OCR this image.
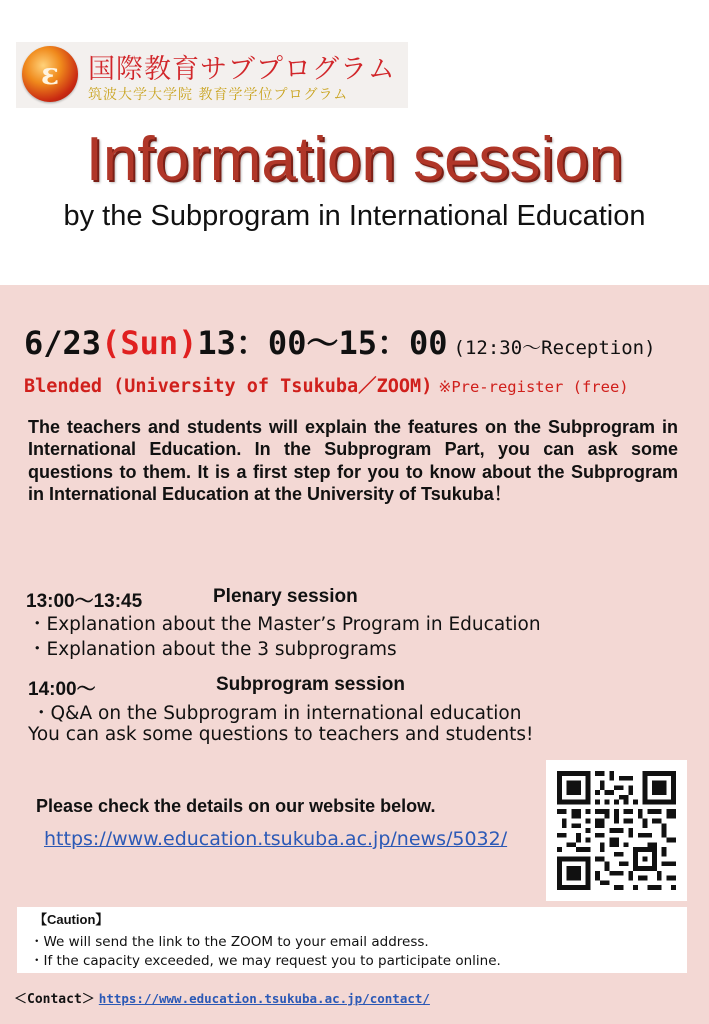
ε	国際教育サブプログラム
筑波大学大学院 教育学学位プログラム
Information session
by the Subprogram in International Education
6/23(Sun)13：00〜15：00 (12:30〜Reception)
Blended (University of Tsukuba／ZOOM) ※Pre-register (free)
The teachers and students will explain the features on the Subprogram in International Education. In the Subprogram Part, you can ask some questions to them. It is a first step for you to know about the Subprogram in International Education at the University of Tsukuba！
13:00〜13:45	Plenary session
・Explanation about the Master’s Program in Education
・Explanation about the 3 subprograms
14:00〜	Subprogram session
・Q&A on the Subprogram in international education
You can ask some questions to teachers and students!
Please check the details on our website below.
https://www.education.tsukuba.ac.jp/news/5032/
【Caution】
・We will send the link to the ZOOM to your email address.
・If the capacity exceeded, we may request you to participate online.
＜Contact＞ https://www.education.tsukuba.ac.jp/contact/
